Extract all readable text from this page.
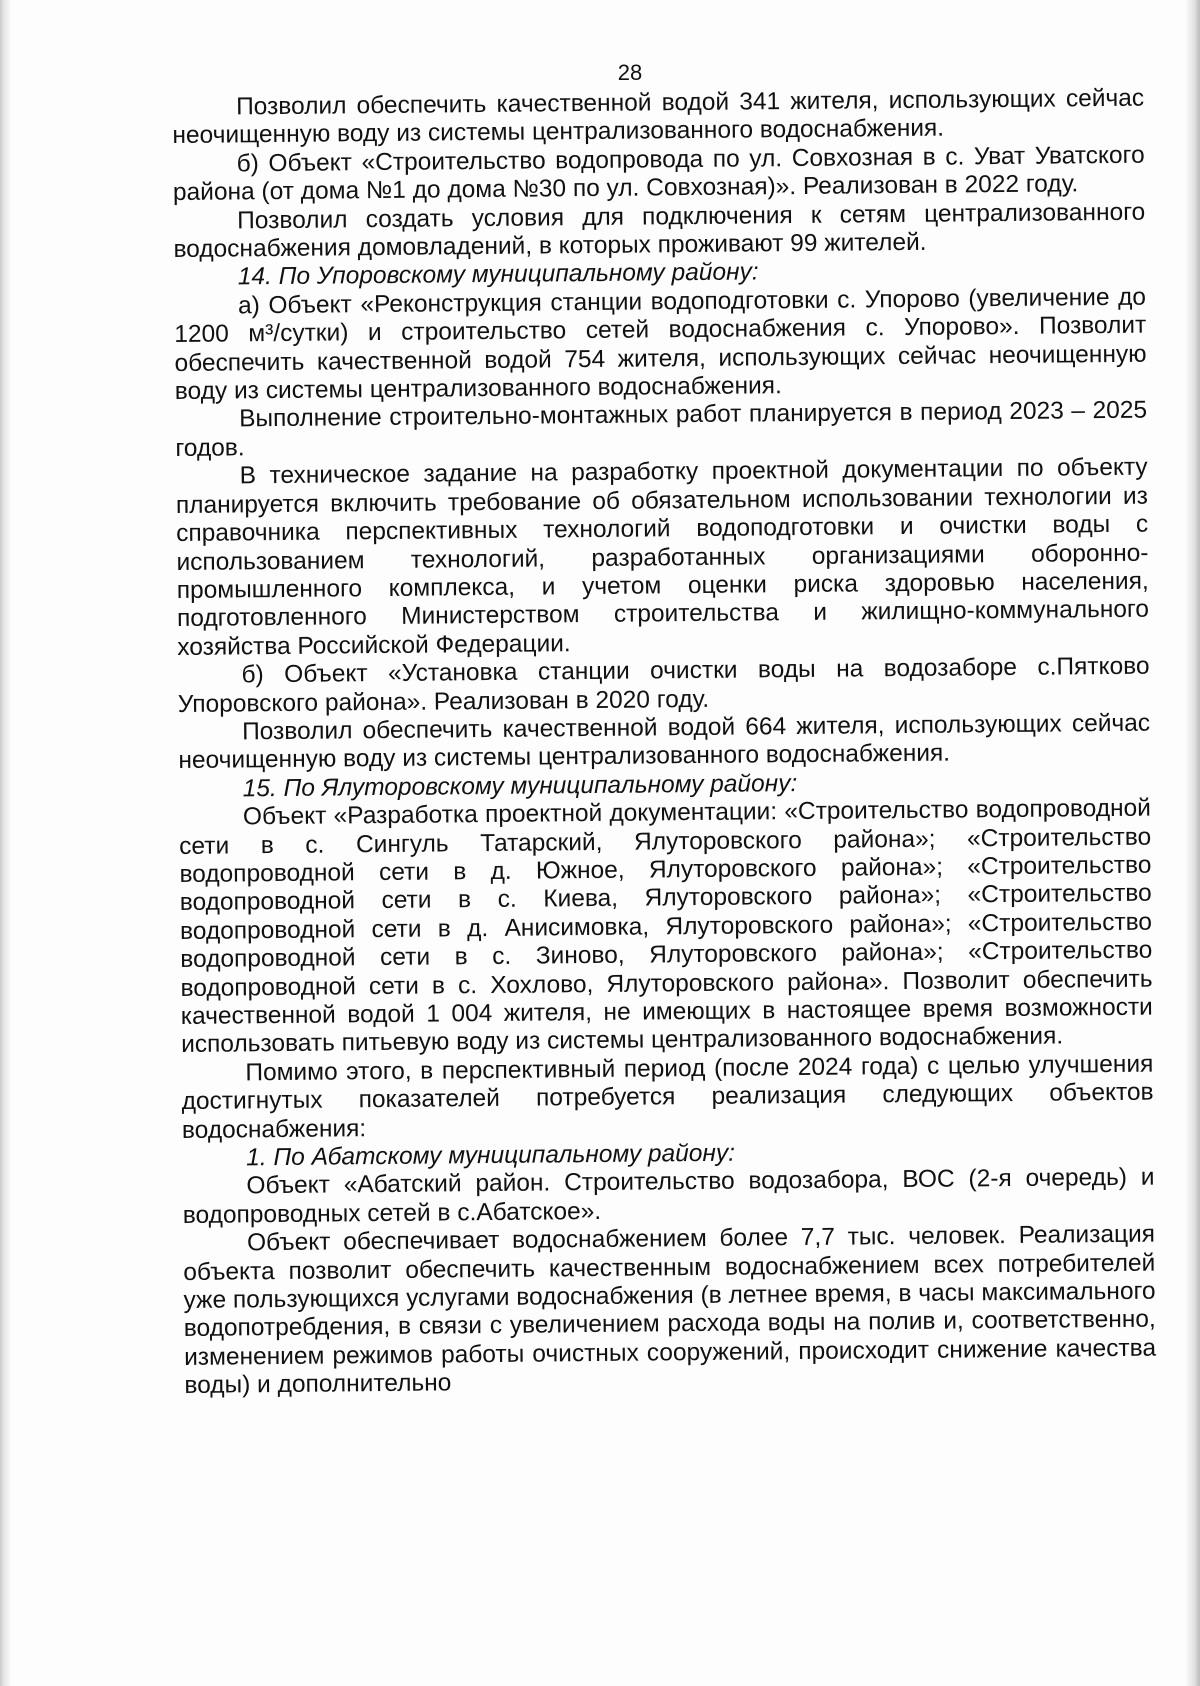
28

Позволил обеспечить качественной водой 341 жителя, использующих сейчас неочищенную воду из системы централизованного водоснабжения.

б) Объект «Строительство водопровода по ул. Совхозная в с. Уват Уватского района (от дома №1 до дома №30 по ул. Совхозная)». Реализован в 2022 году.

Позволил создать условия для подключения к сетям централизованного водоснабжения домовладений, в которых проживают 99 жителей.

14. По Упоровскому муниципальному району:

а) Объект «Реконструкция станции водоподготовки с. Упорово (увеличение до 1200 м³/сутки) и строительство сетей водоснабжения с. Упорово». Позволит обеспечить качественной водой 754 жителя, использующих сейчас неочищенную воду из системы централизованного водоснабжения.

Выполнение строительно-монтажных работ планируется в период 2023 – 2025 годов.

В техническое задание на разработку проектной документации по объекту планируется включить требование об обязательном использовании технологии из справочника перспективных технологий водоподготовки и очистки воды с использованием технологий, разработанных организациями оборонно-промышленного комплекса, и учетом оценки риска здоровью населения, подготовленного Министерством строительства и жилищно-коммунального хозяйства Российской Федерации.

б) Объект «Установка станции очистки воды на водозаборе с.Пятково Упоровского района». Реализован в 2020 году.

Позволил обеспечить качественной водой 664 жителя, использующих сейчас неочищенную воду из системы централизованного водоснабжения.

15. По Ялуторовскому муниципальному району:

Объект «Разработка проектной документации: «Строительство водопроводной сети в с. Сингуль Татарский, Ялуторовского района»; «Строительство водопроводной сети в д. Южное, Ялуторовского района»; «Строительство водопроводной сети в с. Киева, Ялуторовского района»; «Строительство водопроводной сети в д. Анисимовка, Ялуторовского района»; «Строительство водопроводной сети в с. Зиново, Ялуторовского района»; «Строительство водопроводной сети в с. Хохлово, Ялуторовского района». Позволит обеспечить качественной водой 1 004 жителя, не имеющих в настоящее время возможности использовать питьевую воду из системы централизованного водоснабжения.

Помимо этого, в перспективный период (после 2024 года) с целью улучшения достигнутых показателей потребуется реализация следующих объектов водоснабжения:

1. По Абатскому муниципальному району:

Объект «Абатский район. Строительство водозабора, ВОС (2-я очередь) и водопроводных сетей в с.Абатское».

Объект обеспечивает водоснабжением более 7,7 тыс. человек. Реализация объекта позволит обеспечить качественным водоснабжением всех потребителей уже пользующихся услугами водоснабжения (в летнее время, в часы максимального водопотребдения, в связи с увеличением расхода воды на полив и, соответственно, изменением режимов работы очистных сооружений, происходит снижение качества воды) и дополнительно
